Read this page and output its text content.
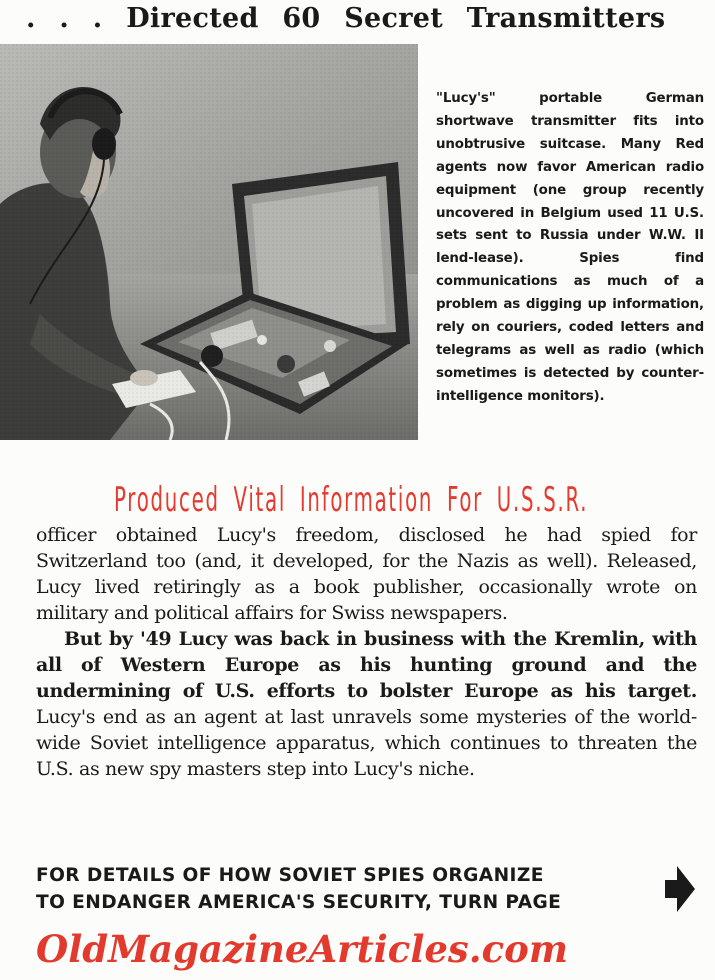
. . . Directed 60 Secret Transmitters
"Lucy's" portable German shortwave transmitter fits into unobtrusive suitcase. Many Red agents now favor American radio equipment (one group recently uncovered in Belgium used 11 U.S. sets sent to Russia under W.W. II lend-lease). Spies find communications as much of a problem as digging up information, rely on couriers, coded letters and telegrams as well as radio (which sometimes is detected by counter-intelligence monitors).
Produced Vital Information For U.S.S.R.

officer obtained Lucy's freedom, disclosed he had spied for Switzerland too (and, it developed, for the Nazis as well). Released, Lucy lived retiringly as a book publisher, occasionally wrote on military and political affairs for Swiss newspapers.

But by '49 Lucy was back in business with the Kremlin, with all of Western Europe as his hunting ground and the undermining of U.S. efforts to bolster Europe as his target. Lucy's end as an agent at last unravels some mysteries of the world-wide Soviet intelligence apparatus, which continues to threaten the U.S. as new spy masters step into Lucy's niche.

FOR DETAILS OF HOW SOVIET SPIES ORGANIZE
TO ENDANGER AMERICA'S SECURITY, TURN PAGE
OldMagazineArticles.com
